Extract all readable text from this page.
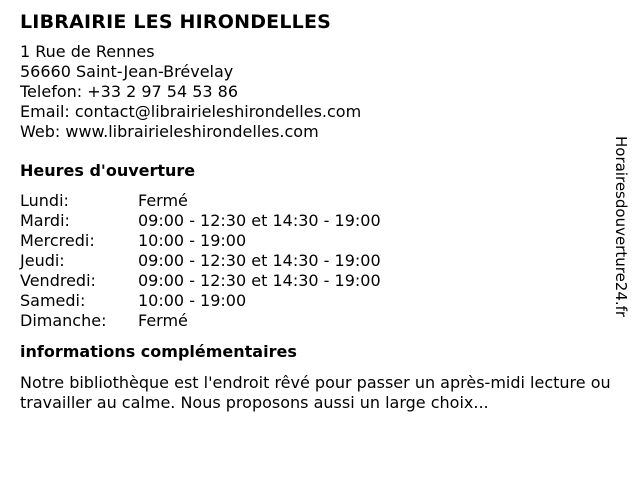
LIBRAIRIE LES HIRONDELLES
1 Rue de Rennes
56660 Saint-Jean-Brévelay
Telefon: +33 2 97 54 53 86
Email: contact@librairieleshirondelles.com
Web: www.librairieleshirondelles.com
Heures d'ouverture
Lundi:	Fermé
Mardi:	09:00 - 12:30 et 14:30 - 19:00
Mercredi:	10:00 - 19:00
Jeudi:	09:00 - 12:30 et 14:30 - 19:00
Vendredi:	09:00 - 12:30 et 14:30 - 19:00
Samedi:	10:00 - 19:00
Dimanche:	Fermé
informations complémentaires
Notre bibliothèque est l'endroit rêvé pour passer un après-midi lecture ou travailler au calme. Nous proposons aussi un large choix...
Horairesdouverture24.fr
